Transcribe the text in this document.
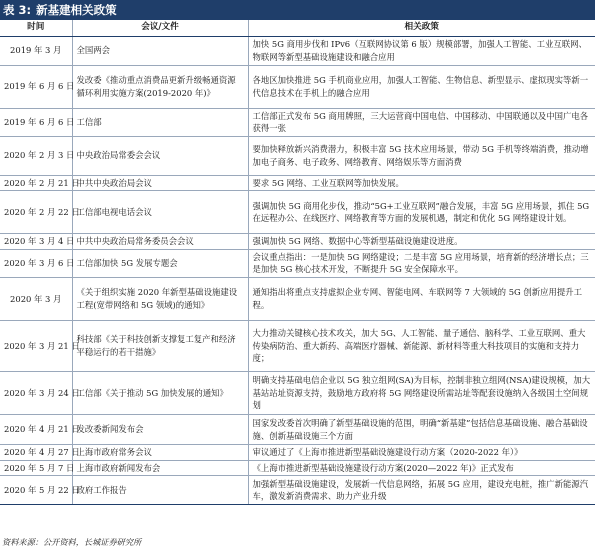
表 3: 新基建相关政策
时间	会议/文件	相关政策
2019 年 3 月	全国两会	加快 5G 商用步伐和 IPv6（互联网协议第 6 版）规模部署，加强人工智能、工业互联网、物联网等新型基础设施建设和融合应用
2019 年 6 月 6 日	发改委《推动重点消费品更新升级畅通资源循环利用实施方案(2019-2020 年)》	各地区加快推进 5G 手机商业应用，加强人工智能、生物信息、新型显示、虚拟现实等新一代信息技术在手机上的融合应用
2019 年 6 月 6 日	工信部	工信部正式发布 5G 商用牌照，三大运营商中国电信、中国移动、中国联通以及中国广电各获得一张
2020 年 2 月 3 日	中央政治局常委会会议	要加快释放新兴消费潜力，积极丰富 5G 技术应用场景，带动 5G 手机等终端消费，推动增加电子商务、电子政务、网络教育、网络娱乐等方面消费
2020 年 2 月 21 日	中共中央政治局会议	要求 5G 网络、工业互联网等加快发展。
2020 年 2 月 22 日	工信部电视电话会议	强调加快 5G 商用化步伐，推动“5G+工业互联网”融合发展，丰富 5G 应用场景，抓住 5G 在远程办公、在线医疗、网络教育等方面的发展机遇，制定和优化 5G 网络建设计划。
2020 年 3 月 4 日	中共中央政治局常务委员会会议	强调加快 5G 网络、数据中心等新型基础设施建设进度。
2020 年 3 月 6 日	工信部加快 5G 发展专题会	会议重点指出：一是加快 5G 网络建设；二是丰富 5G 应用场景，培育新的经济增长点；三是加快 5G 核心技术开发，不断提升 5G 安全保障水平。
2020 年 3 月	《关于组织实施 2020 年新型基础设施建设工程(宽带网络和 5G 领域)的通知》	通知指出将重点支持虚拟企业专网、智能电网、车联网等 7 大领域的 5G 创新应用提升工程。
2020 年 3 月 21 日	科技部《关于科技创新支撑复工复产和经济平稳运行的若干措施》	大力推动关键核心技术攻关，加大 5G、人工智能、量子通信、脑科学、工业互联网、重大传染病防治、重大新药、高端医疗器械、新能源、新材料等重大科技项目的实施和支持力度；
2020 年 3 月 24 日	工信部《关于推动 5G 加快发展的通知》	明确支持基础电信企业以 5G 独立组网(SA)为目标，控制非独立组网(NSA)建设规模，加大基站站址资源支持，鼓励地方政府将 5G 网络建设所需站址等配套设施纳入各级国土空间规划
2020 年 4 月 21 日	发改委新闻发布会	国家发改委首次明确了新型基础设施的范围，明确“新基建”包括信息基础设施、融合基础设施、创新基础设施三个方面
2020 年 4 月 27 日	上海市政府常务会议	审议通过了《上海市推进新型基础设施建设行动方案（2020-2022 年）》
2020 年 5 月 7 日	上海市政府新闻发布会	《上海市推进新型基础设施建设行动方案(2020—2022 年)》正式发布
2020 年 5 月 22 日	政府工作报告	加强新型基础设施建设，发展新一代信息网络，拓展 5G 应用，建设充电桩，推广新能源汽车，激发新消费需求、助力产业升级
资料来源：公开资料，长城证券研究所
